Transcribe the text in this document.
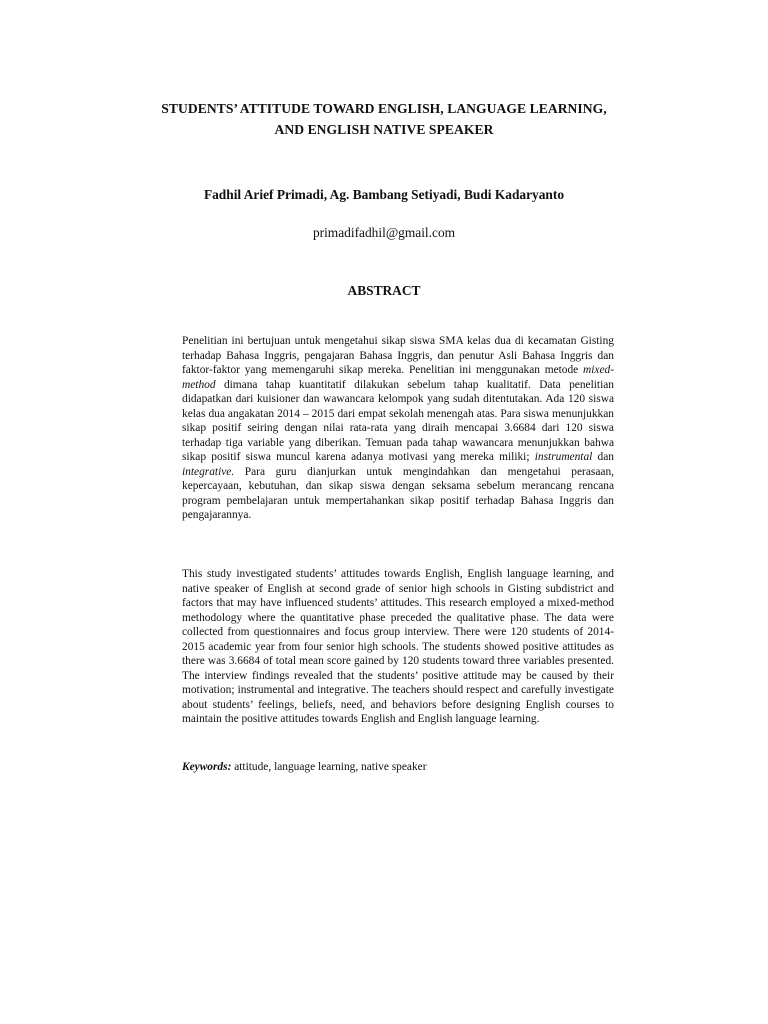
STUDENTS’ ATTITUDE TOWARD ENGLISH, LANGUAGE LEARNING,
AND ENGLISH NATIVE SPEAKER
Fadhil Arief Primadi, Ag. Bambang Setiyadi, Budi Kadaryanto
primadifadhil@gmail.com
ABSTRACT
Penelitian ini bertujuan untuk mengetahui sikap siswa SMA kelas dua di kecamatan Gisting terhadap Bahasa Inggris, pengajaran Bahasa Inggris, dan penutur Asli Bahasa Inggris dan faktor-faktor yang memengaruhi sikap mereka. Penelitian ini menggunakan metode mixed-method dimana tahap kuantitatif dilakukan sebelum tahap kualitatif. Data penelitian didapatkan dari kuisioner dan wawancara kelompok yang sudah ditentutakan. Ada 120 siswa kelas dua angakatan 2014 – 2015 dari empat sekolah menengah atas. Para siswa menunjukkan sikap positif seiring dengan nilai rata-rata yang diraih mencapai 3.6684 dari 120 siswa terhadap tiga variable yang diberikan. Temuan pada tahap wawancara menunjukkan bahwa sikap positif siswa muncul karena adanya motivasi yang mereka miliki; instrumental dan integrative. Para guru dianjurkan untuk mengindahkan dan mengetahui perasaan, kepercayaan, kebutuhan, dan sikap siswa dengan seksama sebelum merancang rencana program pembelajaran untuk mempertahankan sikap positif terhadap Bahasa Inggris dan pengajarannya.
This study investigated students’ attitudes towards English, English language learning, and native speaker of English at second grade of senior high schools in Gisting subdistrict and factors that may have influenced students’ attitudes. This research employed a mixed-method methodology where the quantitative phase preceded the qualitative phase. The data were collected from questionnaires and focus group interview. There were 120 students of 2014-2015 academic year from four senior high schools. The students showed positive attitudes as there was 3.6684 of total mean score gained by 120 students toward three variables presented. The interview findings revealed that the students’ positive attitude may be caused by their motivation; instrumental and integrative. The teachers should respect and carefully investigate about students’ feelings, beliefs, need, and behaviors before designing English courses to maintain the positive attitudes towards English and English language learning.
Keywords: attitude, language learning, native speaker
